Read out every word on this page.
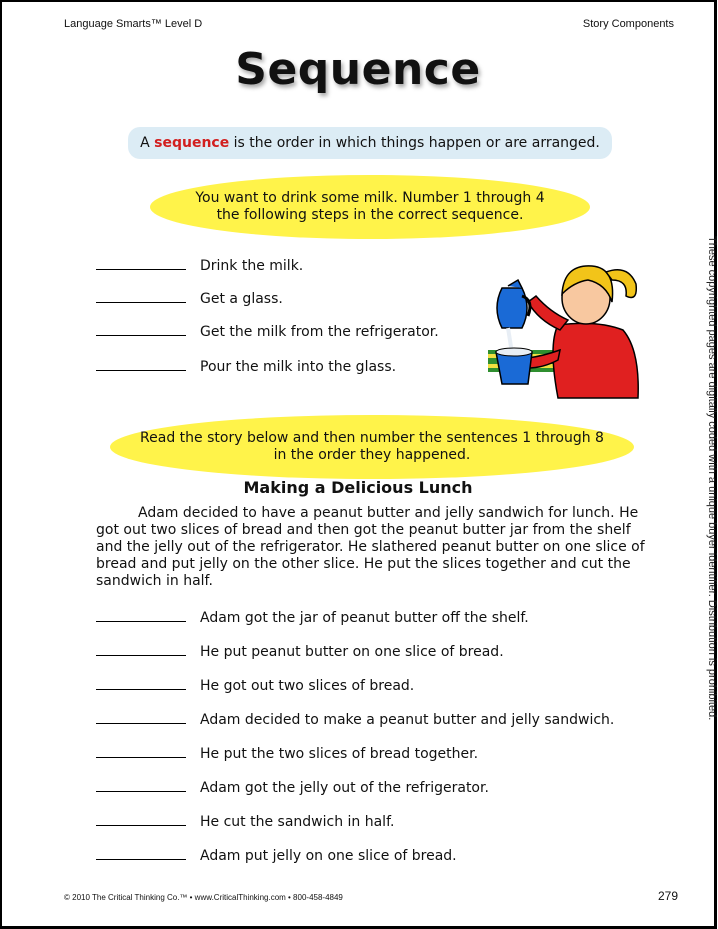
Language Smarts™ Level D	Story Components
Sequence
A sequence is the order in which things happen or are arranged.
You want to drink some milk. Number 1 through 4
the following steps in the correct sequence.
Drink the milk.
Get a glass.
Get the milk from the refrigerator.
Pour the milk into the glass.
Read the story below and then number the sentences 1 through 8
in the order they happened.
Making a Delicious Lunch

Adam decided to have a peanut butter and jelly sandwich for lunch. He got out two slices of bread and then got the peanut butter jar from the shelf and the jelly out of the refrigerator. He slathered peanut butter on one slice of bread and put jelly on the other slice. He put the slices together and cut the sandwich in half.

Adam got the jar of peanut butter off the shelf.
He put peanut butter on one slice of bread.
He got out two slices of bread.
Adam decided to make a peanut butter and jelly sandwich.
He put the two slices of bread together.
Adam got the jelly out of the refrigerator.
He cut the sandwich in half.
Adam put jelly on one slice of bread.
These copyrighted pages are digitally coded with a unique buyer identifier. Distribution is prohibited.
© 2010 The Critical Thinking Co.™ • www.CriticalThinking.com • 800-458-4849	279
